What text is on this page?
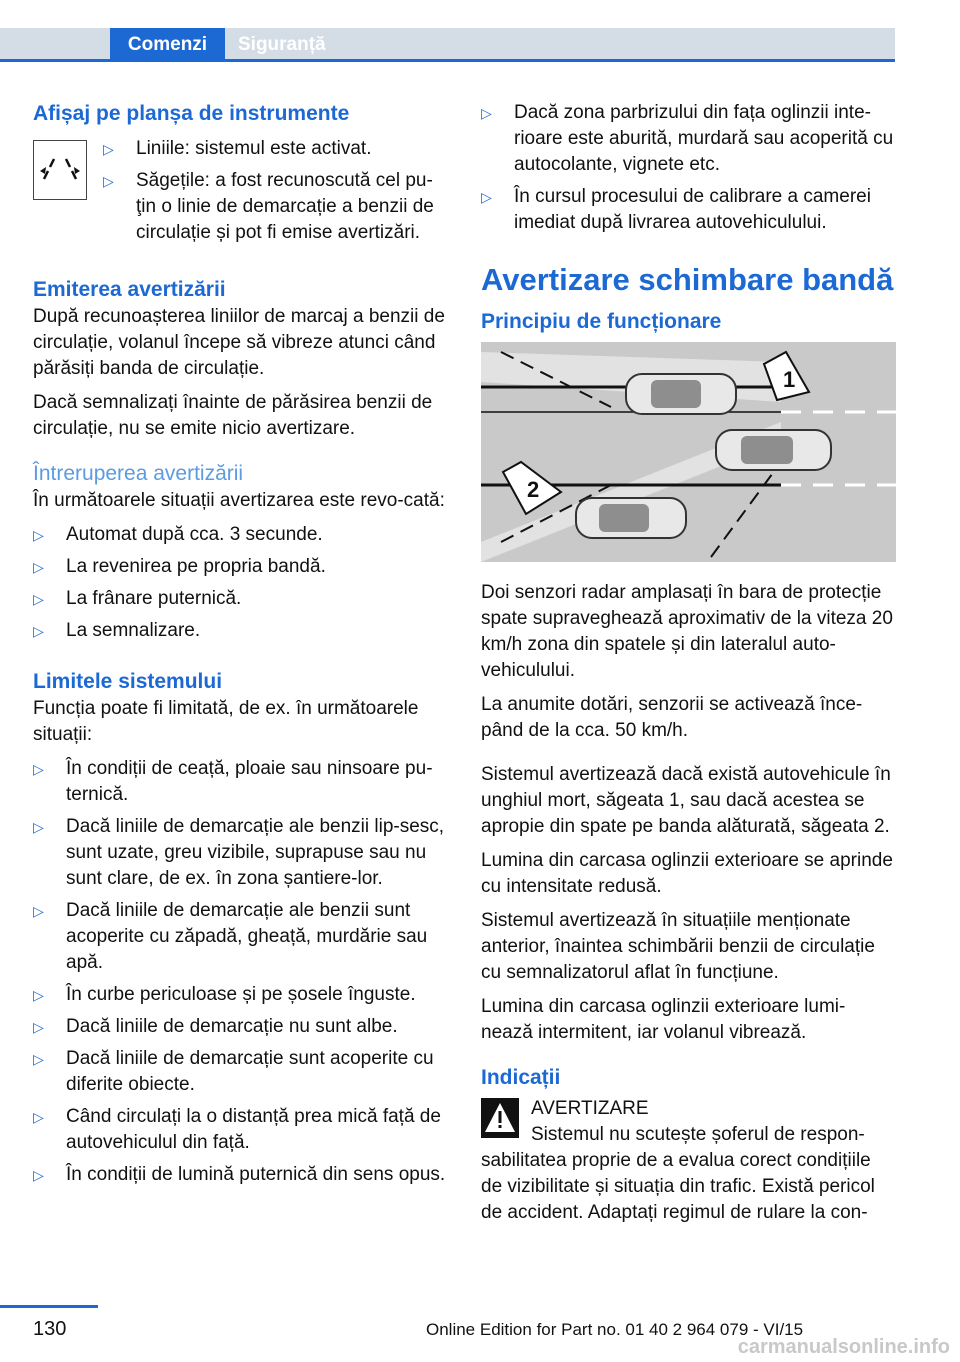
Comenzi	Siguranță
Afișaj pe planșa de instrumente
▷ Liniile: sistemul este activat.
▷ Săgețile: a fost recunoscută cel pu-ţin o linie de demarcație a benzii de circulație și pot fi emise avertizări.
Emiterea avertizării

După recunoașterea liniilor de marcaj a benzii de circulație, volanul începe să vibreze atunci când părăsiți banda de circulație.

Dacă semnalizați înainte de părăsirea benzii de circulație, nu se emite nicio avertizare.

Întreruperea avertizării

În următoarele situații avertizarea este revo-cată:

▷ Automat după cca. 3 secunde.
▷ La revenirea pe propria bandă.
▷ La frânare puternică.
▷ La semnalizare.
Limitele sistemului

Funcția poate fi limitată, de ex. în următoarele situații:

▷ În condiții de ceață, ploaie sau ninsoare pu-ternică.
▷ Dacă liniile de demarcație ale benzii lip-sesc, sunt uzate, greu vizibile, suprapuse sau nu sunt clare, de ex. în zona șantiere-lor.
▷ Dacă liniile de demarcație ale benzii sunt acoperite cu zăpadă, gheață, murdărie sau apă.
▷ În curbe periculoase și pe șosele înguste.
▷ Dacă liniile de demarcație nu sunt albe.
▷ Dacă liniile de demarcație sunt acoperite cu diferite obiecte.
▷ Când circulați la o distanță prea mică față de autovehiculul din față.
▷ În condiții de lumină puternică din sens opus.
▷ Dacă zona parbrizului din fața oglinzii inte-rioare este aburită, murdară sau acoperită cu autocolante, vignete etc.
▷ În cursul procesului de calibrare a camerei imediat după livrarea autovehiculului.
Avertizare schimbare bandă
Principiu de funcționare
1
2

Doi senzori radar amplasați în bara de protecție spate supraveghează aproximativ de la viteza 20 km/h zona din spatele și din lateralul auto-vehiculului.

La anumite dotări, senzorii se activează înce-pând de la cca. 50 km/h.

Sistemul avertizează dacă există autovehicule în unghiul mort, săgeata 1, sau dacă acestea se apropie din spate pe banda alăturată, săgeata 2.

Lumina din carcasa oglinzii exterioare se aprinde cu intensitate redusă.

Sistemul avertizează în situațiile menționate anterior, înaintea schimbării benzii de circulație cu semnalizatorul aflat în funcțiune.

Lumina din carcasa oglinzii exterioare lumi-nează intermitent, iar volanul vibrează.

Indicații

AVERTIZARE

Sistemul nu scutește șoferul de respon-sabilitatea proprie de a evalua corect condițiile de vizibilitate și situația din trafic. Există pericol de accident. Adaptați regimul de rulare la con-

130	Online Edition for Part no. 01 40 2 964 079 - VI/15
carmanualsonline.info
